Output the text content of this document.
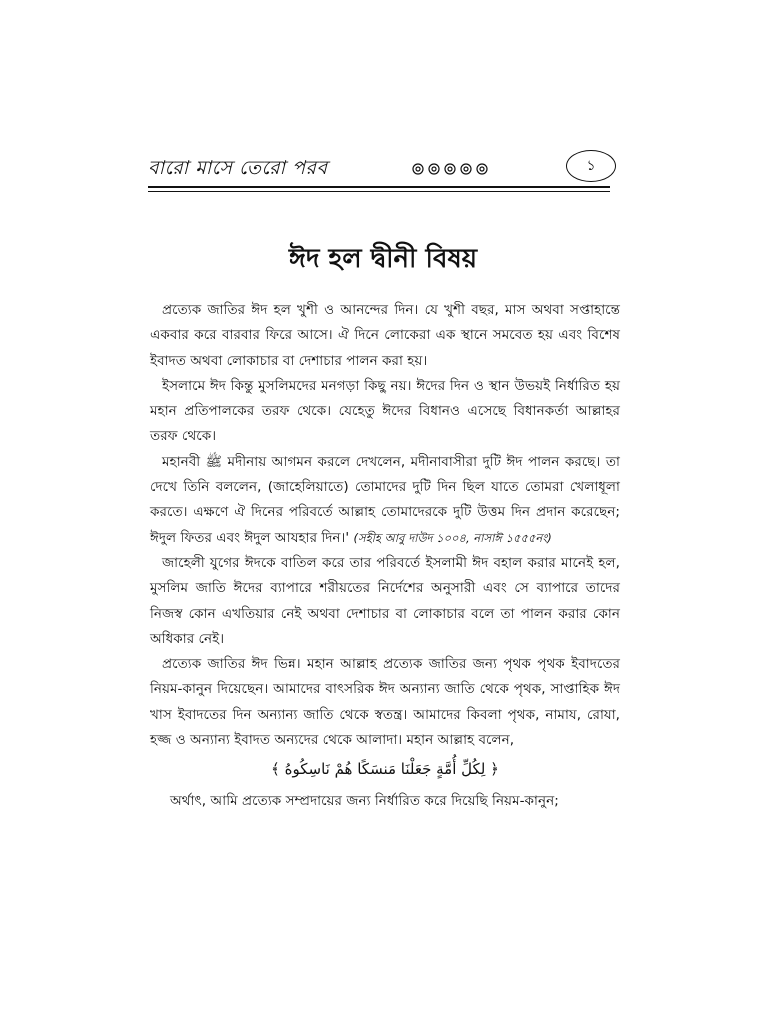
বারো মাসে তেরো পরব	১
ঈদ হল দ্বীনী বিষয়

প্রত্যেক জাতির ঈদ হল খুশী ও আনন্দের দিন। যে খুশী বছর, মাস অথবা সপ্তাহান্তে একবার করে বারবার ফিরে আসে। ঐ দিনে লোকেরা এক স্থানে সমবেত হয় এবং বিশেষ ইবাদত অথবা লোকাচার বা দেশাচার পালন করা হয়।

ইসলামে ঈদ কিন্তু মুসলিমদের মনগড়া কিছু নয়। ঈদের দিন ও স্থান উভয়ই নির্ধারিত হয় মহান প্রতিপালকের তরফ থেকে। যেহেতু ঈদের বিধানও এসেছে বিধানকর্তা আল্লাহর তরফ থেকে।

মহানবী ﷺ মদীনায় আগমন করলে দেখলেন, মদীনাবাসীরা দুটি ঈদ পালন করছে। তা দেখে তিনি বললেন, (জাহেলিয়াতে) তোমাদের দুটি দিন ছিল যাতে তোমরা খেলাধূলা করতে। এক্ষণে ঐ দিনের পরিবর্তে আল্লাহ তোমাদেরকে দুটি উত্তম দিন প্রদান করেছেন; ঈদুল ফিতর এবং ঈদুল আযহার দিন।' (সহীহ আবু দাউদ ১০০৪, নাসাঈ ১৫৫৫নং)

জাহেলী যুগের ঈদকে বাতিল করে তার পরিবর্তে ইসলামী ঈদ বহাল করার মানেই হল, মুসলিম জাতি ঈদের ব্যাপারে শরীয়তের নির্দেশের অনুসারী এবং সে ব্যাপারে তাদের নিজস্ব কোন এখতিয়ার নেই অথবা দেশাচার বা লোকাচার বলে তা পালন করার কোন অধিকার নেই।

প্রত্যেক জাতির ঈদ ভিন্ন। মহান আল্লাহ প্রত্যেক জাতির জন্য পৃথক পৃথক ইবাদতের নিয়ম-কানুন দিয়েছেন। আমাদের বাৎসরিক ঈদ অন্যান্য জাতি থেকে পৃথক, সাপ্তাহিক ঈদ খাস ইবাদতের দিন অন্যান্য জাতি থেকে স্বতন্ত্র। আমাদের কিবলা পৃথক, নামায, রোযা, হজ্জ ও অন্যান্য ইবাদত অন্যদের থেকে আলাদা। মহান আল্লাহ বলেন,

﴿ لِكُلِّ أُمَّةٍ جَعَلْنَا مَنسَكًا هُمْ نَاسِكُوهُ ﴾

অর্থাৎ, আমি প্রত্যেক সম্প্রদায়ের জন্য নির্ধারিত করে দিয়েছি নিয়ম-কানুন;
